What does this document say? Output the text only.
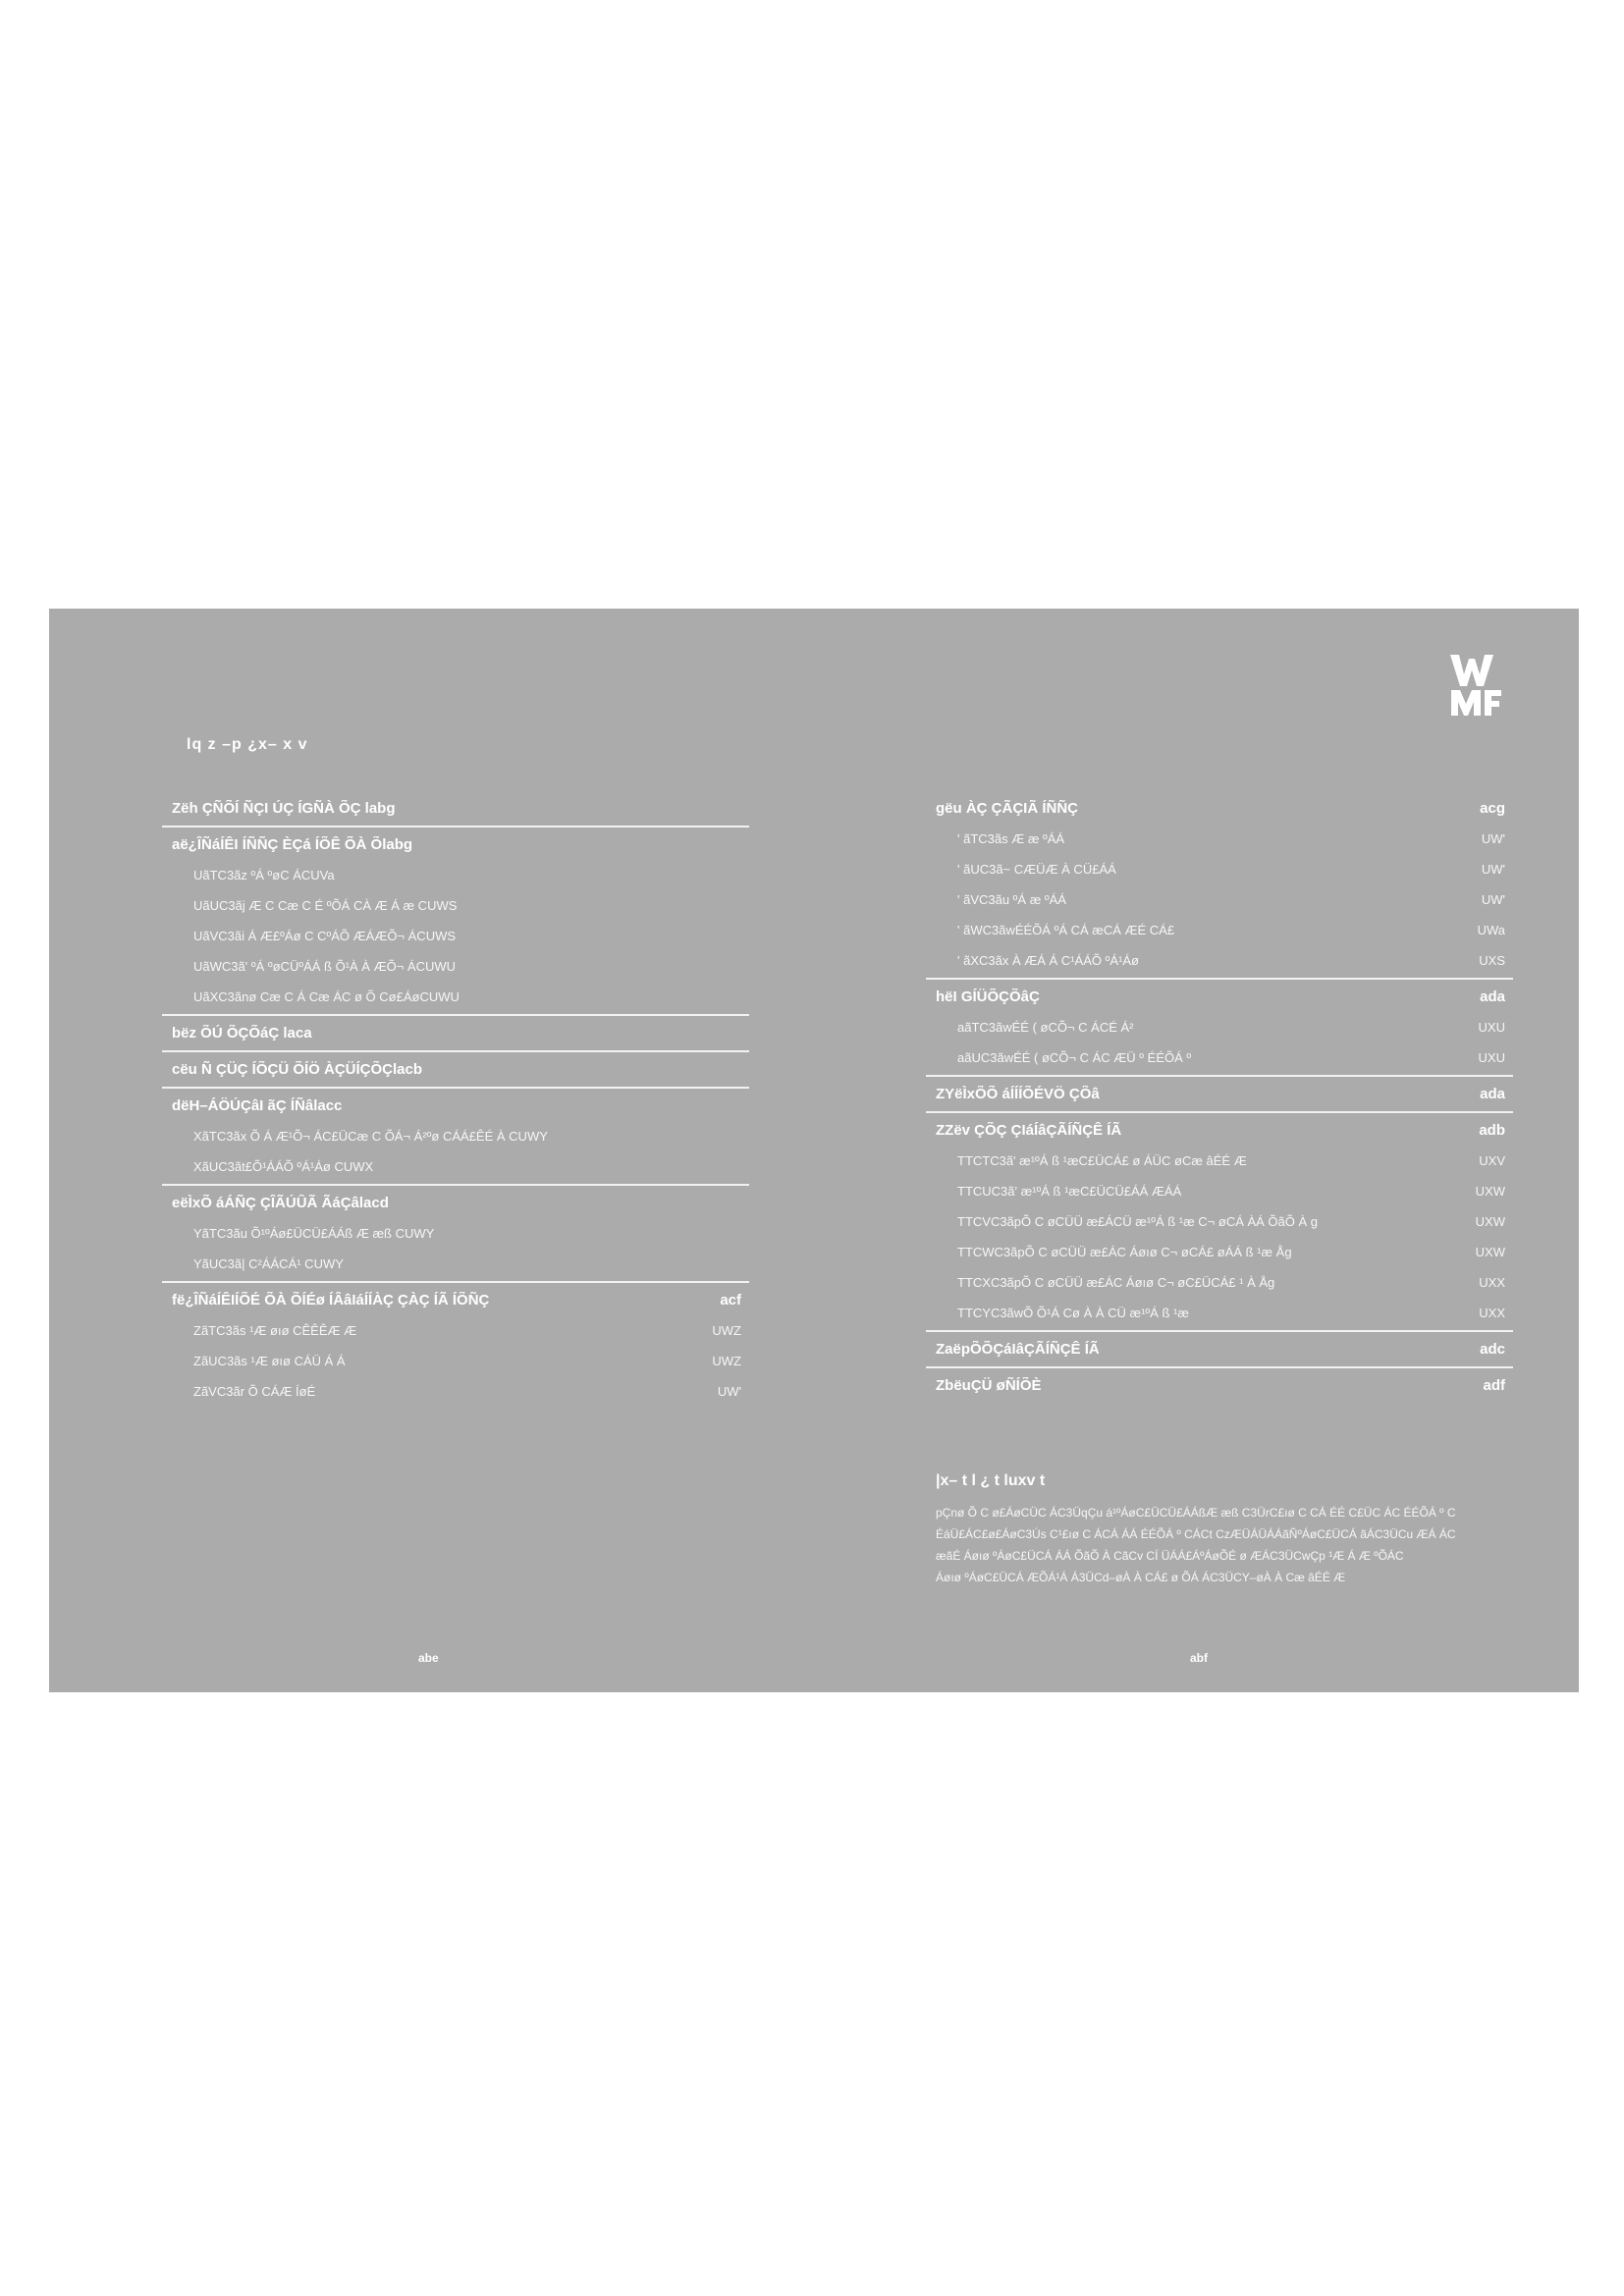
lq z –p ¿x– x v
Zëh ÇÑÕÍ ÑÇI ÚÇ ÍGÑÀ ÕÇ labg
aë¿ÎÑáÍÊI ÍÑÑÇ ÈÇá ÍÕÊ ÕÀ Õlabg
UãTC3ãz ºÁ ºøC ÁCUVa
UãUC3ãj Æ C Cæ C É ºÕÁ CÀ Æ Á æ CUWS
UãVC3ãi Á Æ£ºÁø C CºÁÕ ÆÁÆÕ¬ ÁCUWS
UãWC3ã' ºÁ ºøCÜºÁÁ ß Õ¹À À ÆÕ¬ ÁCUWU
UãXC3ãnø Cæ C Á Cæ ÁC ø Õ Cø£ÁøCUWU
bëz ÕÚ ÕÇÕáÇ laca
cëu Ñ ÇÜÇ ÍÕÇÜ ÕÍÖ ÀÇÜÍÇÕÇlacb
dëH–ÁÖÚÇâI ãÇ ÍÑâlacc
XãTC3ãx Õ Á Æ¹Õ¬ ÁC£ÜCæ C ÕÁ¬ Á²ºø CÁÁ£ÊÉ À CUWY
XãUC3ãt£Õ¹ÁÁÕ ºÁ¹Áø CUWX
eëÌxÕ áÁÑÇ ÇÎÃÚÛÃ ÃáÇâlacd
YãTC3ãu Õ¹ºÁø£ÜCÜ£ÁÁß Æ æß CUWY
YãUC3ã| C²ÁÁCÁ¹ CUWY
fë¿ÎÑáÍÊIÍÕÉ ÕÀ ÕÍÉø ÍÂâIáÍÍÀÇ ÇÀÇ ÍÃ ÍÕÑÇ	acf
ZãTC3ãs ¹Æ øıø CÊÊÊÆ Æ	UWZ
ZãUC3ãs ¹Æ øıø CÁÜ Á Á	UWZ
ZãVC3ãr Õ CÁÆ ÍøÉ	UW'
gëu ÀÇ ÇÃÇIÃ ÍÑÑÇ	acg
' ãTC3ãs Æ æ ºÁÁ	UW'
' ãUC3ã~ CÆÜÆ À CÜ£ÁÁ	UW'
' ãVC3ãu ºÁ æ ºÁÁ	UW'
' ãWC3ãwÉÉÕÁ ºÁ CÁ æCÁ ÆÉ CÁ£	UWa
' ãXC3ãx À ÆÁ Á C¹ÁÁÕ ºÁ¹Áø	UXS
hëI GÍÜÕÇÕâÇ	ada
aãTC3ãwÉÉ ( øCÕ¬ C ÁCÉ Á²	UXU
aãUC3ãwÉÉ ( øCÕ¬ C ÁC ÆÜ º ÉÉÕÁ º	UXU
ZYëÌxÕÕ áÍÍÍÕÉVÖ ÇÕâ	ada
ZZëv ÇÕÇ ÇIáÍâÇÃÍÑÇÊ ÍÃ	adb
TTCTC3ã' æ¹ºÁ ß ¹æC£ÜCÁ£ ø ÁÜC øCæ âÉÉ Æ	UXV
TTCUC3ã' æ¹ºÁ ß ¹æC£ÜCÜ£ÁÁ ÆÁÁ	UXW
TTCVC3ãpÕ C øCÜÜ æ£ÁCÜ æ¹ºÁ ß ¹æ C¬ øCÁ ÀÁ ÕãÕ À g	UXW
TTCWC3ãpÕ C øCÜÜ æ£ÁC Áøıø C¬ øCÁ£ øÁÁ ß ¹æ Åg	UXW
TTCXC3ãpÕ C øCÜÜ æ£ÁC Áøıø C¬ øC£ÜCÁ£ ¹ À Åg	UXX
TTCYC3ãwÕ Õ¹Á Cø À À CÜ æ¹ºÁ ß ¹æ	UXX
ZaëpÕÕÇáIâÇÃÍÑÇÊ ÍÃ	adc
ZbëuÇÜ øÑÍÕÈ	adf
|x– t l ¿ t luxv t
pÇnø Õ C ø£ÁøCÜC ÁC3ÜqÇu á¹ºÁøC£ÜCÜ£ÁÁßÆ æß C3ÜrC£ıø C CÁ ÉÉ C£ÜC ÁC ÉÉÕÁ º C
ÉáÜ£ÁC£ø£ÁøC3Ús C¹£ıø C ÁCÁ ÁÁ ÉÉÕÁ º CÁCt CzÆÜÁÜÁÁãÑºÁøC£ÜCÁ ãÁC3ÜCu ÆÁ ÁC
æãÉ Áøıø ºÁøC£ÜCÁ ÁÁ ÕãÕ À CãCv CÍ ÜÁÁ£ÁºÁøÕÉ ø ÆÁC3ÜCwÇp ¹Æ Á Æ ºÕÁC
Áøıø ºÁøC£ÜCÁ ÆÕÁ¹Á Á3ÜCd–øÀ À CÁ£ ø ÕÁ ÁC3ÜCY–øÀ À Cæ âÉÉ Æ
abe	abf
